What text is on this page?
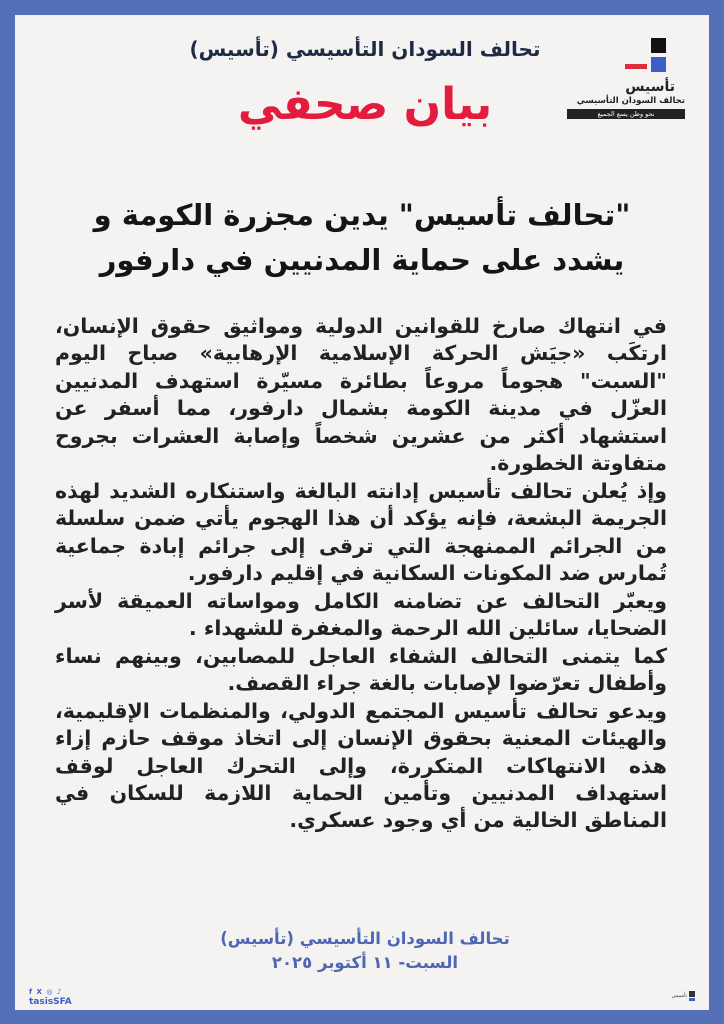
تأسيس
تحالف السودان التأسيسي
نحو وطن يسع الجميع
تحالف السودان التأسيسي (تأسيس)
بيان صحفي
"تحالف تأسيس" يدين مجزرة الكومة و
يشدد على حماية المدنيين في دارفور

في انتهاك صارخ للقوانين الدولية ومواثيق حقوق الإنسان، ارتكَب «جيَش الحركة الإسلامية الإرهابية» صباح اليوم "السبت" هجوماً مروعاً بطائرة مسيّرة استهدف المدنيين العزّل في مدينة الكومة بشمال دارفور، مما أسفر عن استشهاد أكثر من عشرين شخصاً وإصابة العشرات بجروح متفاوتة الخطورة.

وإذ يُعلن تحالف تأسيس إدانته البالغة واستنكاره الشديد لهذه الجريمة البشعة، فإنه يؤكد أن هذا الهجوم يأتي ضمن سلسلة من الجرائم الممنهجة التي ترقى إلى جرائم إبادة جماعية تُمارس ضد المكونات السكانية في إقليم دارفور.

ويعبّر التحالف عن تضامنه الكامل ومواساته العميقة لأسر الضحايا، سائلين الله الرحمة والمغفرة للشهداء .

كما يتمنى التحالف الشفاء العاجل للمصابين، وبينهم نساء وأطفال تعرّضوا لإصابات بالغة جراء القصف.

ويدعو تحالف تأسيس المجتمع الدولي، والمنظمات الإقليمية، والهيئات المعنية بحقوق الإنسان إلى اتخاذ موقف حازم إزاء هذه الانتهاكات المتكررة، وإلى التحرك العاجل لوقف استهداف المدنيين وتأمين الحماية اللازمة للسكان في المناطق الخالية من أي وجود عسكري.

تحالف السودان التأسيسي (تأسيس)
السبت- ١١ أكتوبر ٢٠٢٥
f X ◎ ♪
tasisSFA
تأسيس
